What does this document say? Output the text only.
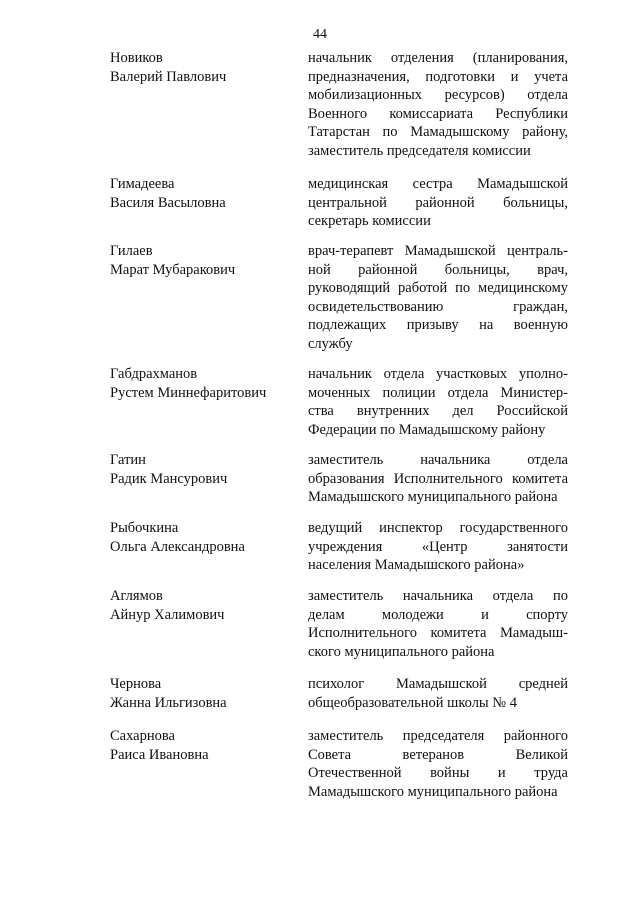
44
Новиков
Валерий Павлович
начальник отделения (планирования,
предназначения, подготовки и учета
мобилизационных ресурсов) отдела
Военного комиссариата Республики
Татарстан по Мамадышскому району,
заместитель председателя комиссии
Гимадеева
Василя Васыловна
медицинская сестра Мамадышской
центральной районной больницы,
секретарь комиссии
Гилаев
Марат Мубаракович
врач-терапевт Мамадышской централь-
ной районной больницы, врач,
руководящий работой по медицинскому
освидетельствованию граждан,
подлежащих призыву на военную
службу
Габдрахманов
Рустем Миннефаритович
начальник отдела участковых уполно-
моченных полиции отдела Министер-
ства внутренних дел Российской
Федерации по Мамадышскому району
Гатин
Радик Мансурович
заместитель начальника отдела
образования Исполнительного комитета
Мамадышского муниципального района
Рыбочкина
Ольга Александровна
ведущий инспектор государственного
учреждения «Центр занятости
населения Мамадышского района»
Аглямов
Айнур Халимович
заместитель начальника отдела по
делам молодежи и спорту
Исполнительного комитета Мамадыш-
ского муниципального района
Чернова
Жанна Ильгизовна
психолог Мамадышской средней
общеобразовательной школы № 4
Сахарнова
Раиса Ивановна
заместитель председателя районного
Совета ветеранов Великой
Отечественной войны и труда
Мамадышского муниципального района
